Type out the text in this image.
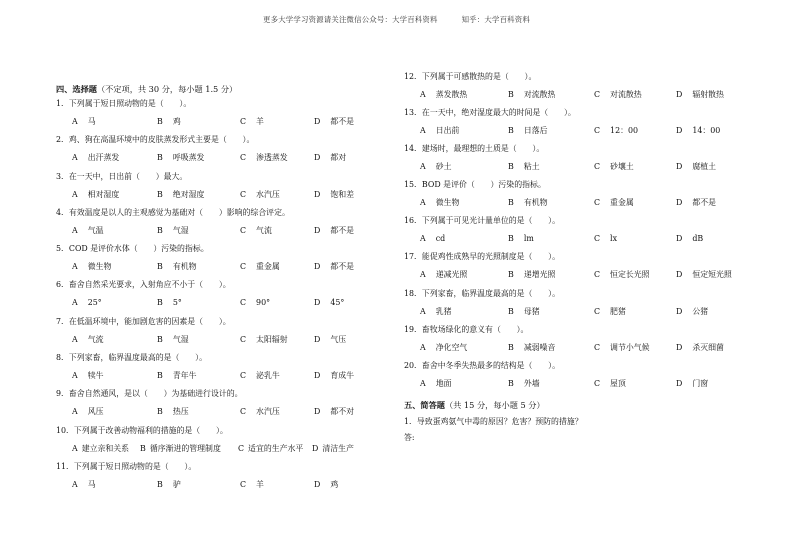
更多大学学习资源请关注微信公众号：大学百科资料	知乎：大学百科资料
四、选择题（不定项，共 30 分，每小题 1.5 分）
1．下列属于短日照动物的是（　　）。
A 马	B 鸡	C 羊	D 都不是
2．鸡、狗在高温环境中的皮肤蒸发形式主要是（　　）。
A 出汗蒸发	B 呼吸蒸发	C 渗透蒸发	D 都对
3．在一天中，日出前（　　）最大。
A 相对湿度	B 绝对湿度	C 水汽压	D 饱和差
4．有效温度是以人的主观感觉为基础对（　　）影响的综合评定。
A 气温	B 气湿	C 气流	D 都不是
5．COD 是评价水体（　　）污染的指标。
A 微生物	B 有机物	C 重金属	D 都不是
6．畜舍自然采光要求，入射角应不小于（　　）。
A 25°	B 5°	C 90°	D 45°
7．在低温环境中，能加剧危害的因素是（　　）。
A 气流	B 气湿	C 太阳辐射	D 气压
8．下列家畜，临界温度最高的是（　　）。
A 犊牛	B 青年牛	C 泌乳牛	D 育成牛
9．畜舍自然通风，是以（　　）为基础进行设计的。
A 风压	B 热压	C 水汽压	D 都不对
10．下列属于改善动物福利的措施的是（　　）。
A 建立亲和关系 B 循序渐进的管理制度 C 适宜的生产水平 D 清洁生产
11．下列属于短日照动物的是（　　）。
A 马	B 驴	C 羊	D 鸡
12．下列属于可感散热的是（　　）。
A 蒸发散热	B 对流散热	C 对流散热	D 辐射散热
13．在一天中，绝对湿度最大的时间是（　　）。
A 日出前	B 日落后	C 12：00	D 14：00
14．建场时，最理想的土质是（　　）。
A 砂土	B 粘土	C 砂壤土	D 腐植土
15．BOD 是评价（　　）污染的指标。
A 微生物	B 有机物	C 重金属	D 都不是
16．下列属于可见光计量单位的是（　　）。
A cd	B lm	C lx	D dB
17．能促鸡性成熟早的光照制度是（　　）。
A 递减光照	B 递增光照	C 恒定长光照	D 恒定短光照
18．下列家畜，临界温度最高的是（　　）。
A 乳猪	B 母猪	C 肥猪	D 公猪
19．畜牧场绿化的意义有（　　）。
A 净化空气	B 减弱噪音	C 调节小气候	D 杀灭细菌
20．畜舍中冬季失热最多的结构是（　　）。
A 地面	B 外墙	C 屋顶	D 门窗
五、简答题（共 15 分，每小题 5 分）
1．导致蛋鸡氨气中毒的原因？危害？预防的措施？
答:
